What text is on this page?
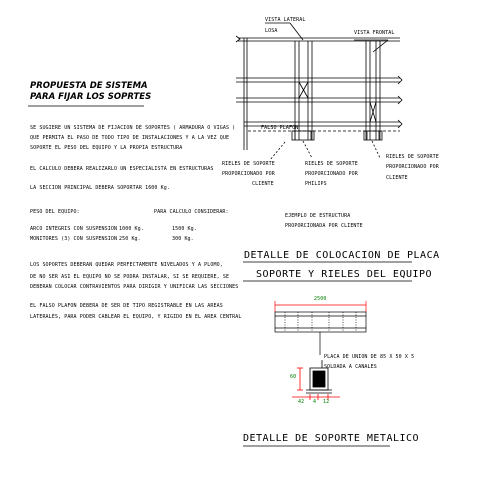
VISTA LATERAL
LOSA	VISTA FRONTAL
FALSO PLAFON
RIELES DE SOPORTE
PROPORCIONADO POR
CLIENTE
RIELES DE SOPORTE
PROPORCIONADO POR
PHILIPS
RIELES DE SOPORTE
PROPORCIONADO POR
CLIENTE
EJEMPLO DE ESTRUCTURA
PROPORCIONADA POR CLIENTE
PROPUESTA DE SISTEMA
PARA FIJAR LOS SOPRTES
SE SUGIERE UN SISTEMA DE FIJACION DE SOPORTES ( ARMADURA O VIGAS )
QUE PERMITA EL PASO DE TODO TIPO DE INSTALACIONES Y A LA VEZ QUE
SOPORTE EL PESO DEL EQUIPO Y LA PROPIA ESTRUCTURA
EL CALCULO DEBERA REALIZARLO UN ESPECIALISTA EN ESTRUCTURAS
LA SECCION PRINCIPAL DEBERA SOPORTAR 1600 Kg.
PESO DEL EQUIPO:	PARA CALCULO CONSIDERAR:
ARCO INTEGRIS CON SUSPENSION 1000 Kg.	1500 Kg.
MONITORES (3) CON SUSPENSION 250 Kg.	300 Kg.
LOS SOPORTES DEBERAN QUEDAR PERFECTAMENTE NIVELADOS Y A PLOMO,
DE NO SER ASI EL EQUIPO NO SE PODRA INSTALAR, SI SE REQUIERE, SE
DEBERAN COLOCAR CONTRAVIENTOS PARA DIRIGIR Y UNIFICAR LAS SECCIONES
EL FALSO PLAFON DEBERA DE SER DE TIPO REGISTRABLE EN LAS AREAS
LATERALES, PARA PODER CABLEAR EL EQUIPO, Y RIGIDO EN EL AREA CENTRAL
DETALLE DE COLOCACION DE PLACA
SOPORTE Y RIELES DEL EQUIPO
DETALLE DE SOPORTE METALICO
2500
60
42 4 12
PLACA DE UNION DE 85 X 50 X 5
SOLDADA A CANALES
